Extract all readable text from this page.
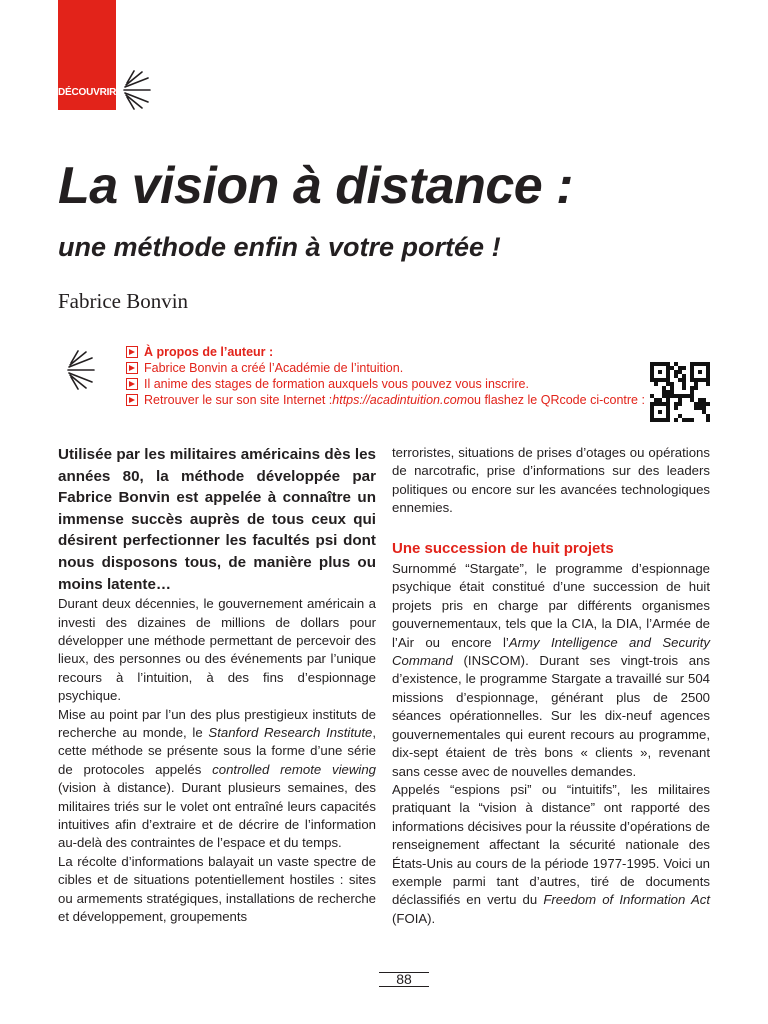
DÉCOUVRIR
La vision à distance :
une méthode enfin à votre portée !
Fabrice Bonvin
À propos de l’auteur :
Fabrice Bonvin a créé l’Académie de l’intuition.
Il anime des stages de formation auxquels vous pouvez vous inscrire.
Retrouver le sur son site Internet : https://acadintuition.com ou flashez le QRcode ci-contre :

Utilisée par les militaires américains dès les années 80, la méthode développée par Fabrice Bonvin est appelée à connaître un immense succès auprès de tous ceux qui désirent perfectionner les facultés psi dont nous disposons tous, de manière plus ou moins latente…

Durant deux décennies, le gouvernement américain a investi des dizaines de millions de dollars pour développer une méthode permettant de percevoir des lieux, des personnes ou des événements par l’unique recours à l’intuition, à des fins d’espionnage psychique.

Mise au point par l’un des plus prestigieux instituts de recherche au monde, le Stanford Research Institute, cette méthode se présente sous la forme d’une série de protocoles appelés controlled remote viewing (vision à distance). Durant plusieurs semaines, des militaires triés sur le volet ont entraîné leurs capacités intuitives afin d’extraire et de décrire de l’information au-delà des contraintes de l’espace et du temps.

La récolte d’informations balayait un vaste spectre de cibles et de situations potentiellement hostiles : sites ou armements stratégiques, installations de recherche et développement, groupements

terroristes, situations de prises d’otages ou opérations de narcotrafic, prise d’informations sur des leaders politiques ou encore sur les avancées technologiques ennemies.

Une succession de huit projets

Surnommé “Stargate”, le programme d’espionnage psychique était constitué d’une succession de huit projets pris en charge par différents organismes gouvernementaux, tels que la CIA, la DIA, l’Armée de l’Air ou encore l’Army Intelligence and Security Command (INSCOM). Durant ses vingt-trois ans d’existence, le programme Stargate a travaillé sur 504 missions d’espionnage, générant plus de 2500 séances opérationnelles. Sur les dix-neuf agences gouvernementales qui eurent recours au programme, dix-sept étaient de très bons « clients », revenant sans cesse avec de nouvelles demandes.

Appelés “espions psi” ou “intuitifs”, les militaires pratiquant la “vision à distance” ont rapporté des informations décisives pour la réussite d’opérations de renseignement affectant la sécurité nationale des États-Unis au cours de la période 1977-1995. Voici un exemple parmi tant d’autres, tiré de documents déclassifiés en vertu du Freedom of Information Act (FOIA).

88
